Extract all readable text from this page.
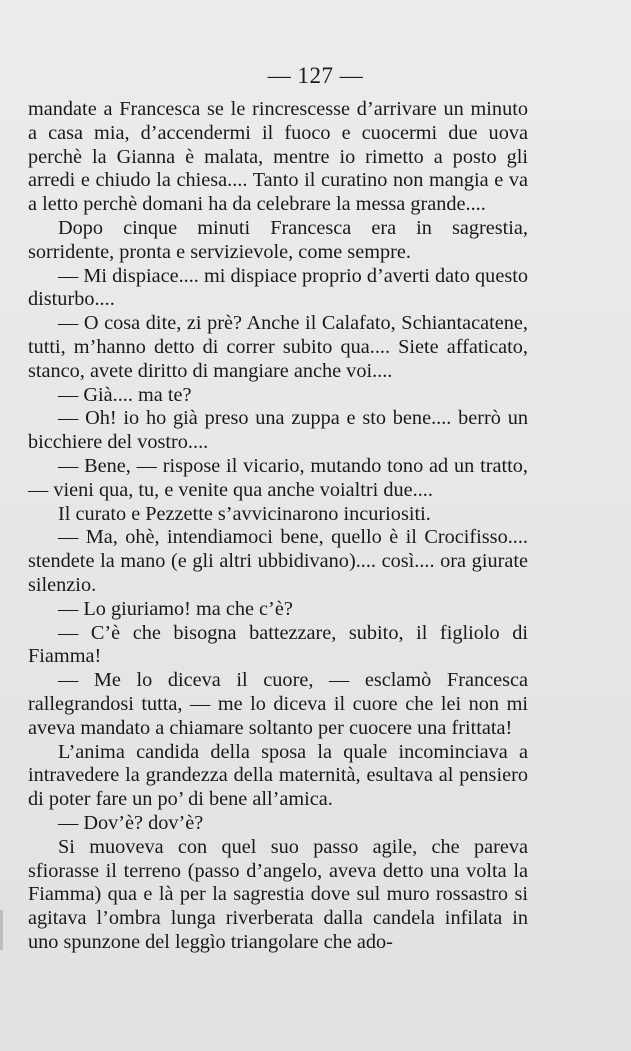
— 127 —

mandate a Francesca se le rincrescesse d’arrivare un minuto a casa mia, d’accendermi il fuoco e cuocermi due uova perchè la Gianna è malata, mentre io rimetto a posto gli arredi e chiudo la chiesa.... Tanto il curatino non mangia e va a letto perchè domani ha da celebrare la messa grande....

Dopo cinque minuti Francesca era in sagrestia, sorridente, pronta e servizievole, come sempre.

— Mi dispiace.... mi dispiace proprio d’averti dato questo disturbo....

— O cosa dite, zi prè? Anche il Calafato, Schiantacatene, tutti, m’hanno detto di correr subito qua.... Siete affaticato, stanco, avete diritto di mangiare anche voi....

— Già.... ma te?

— Oh! io ho già preso una zuppa e sto bene.... berrò un bicchiere del vostro....

— Bene, — rispose il vicario, mutando tono ad un tratto, — vieni qua, tu, e venite qua anche voialtri due....

Il curato e Pezzette s’avvicinarono incuriositi.

— Ma, ohè, intendiamoci bene, quello è il Crocifisso.... stendete la mano (e gli altri ubbidivano).... così.... ora giurate silenzio.

— Lo giuriamo! ma che c’è?

— C’è che bisogna battezzare, subito, il figliolo di Fiamma!

— Me lo diceva il cuore, — esclamò Francesca rallegrandosi tutta, — me lo diceva il cuore che lei non mi aveva mandato a chiamare soltanto per cuocere una frittata!

L’anima candida della sposa la quale incominciava a intravedere la grandezza della maternità, esultava al pensiero di poter fare un po’ di bene all’amica.

— Dov’è? dov’è?

Si muoveva con quel suo passo agile, che pareva sfiorasse il terreno (passo d’angelo, aveva detto una volta la Fiamma) qua e là per la sagrestia dove sul muro rossastro si agitava l’ombra lunga riverberata dalla candela infilata in uno spunzone del leggìo triangolare che ado-
